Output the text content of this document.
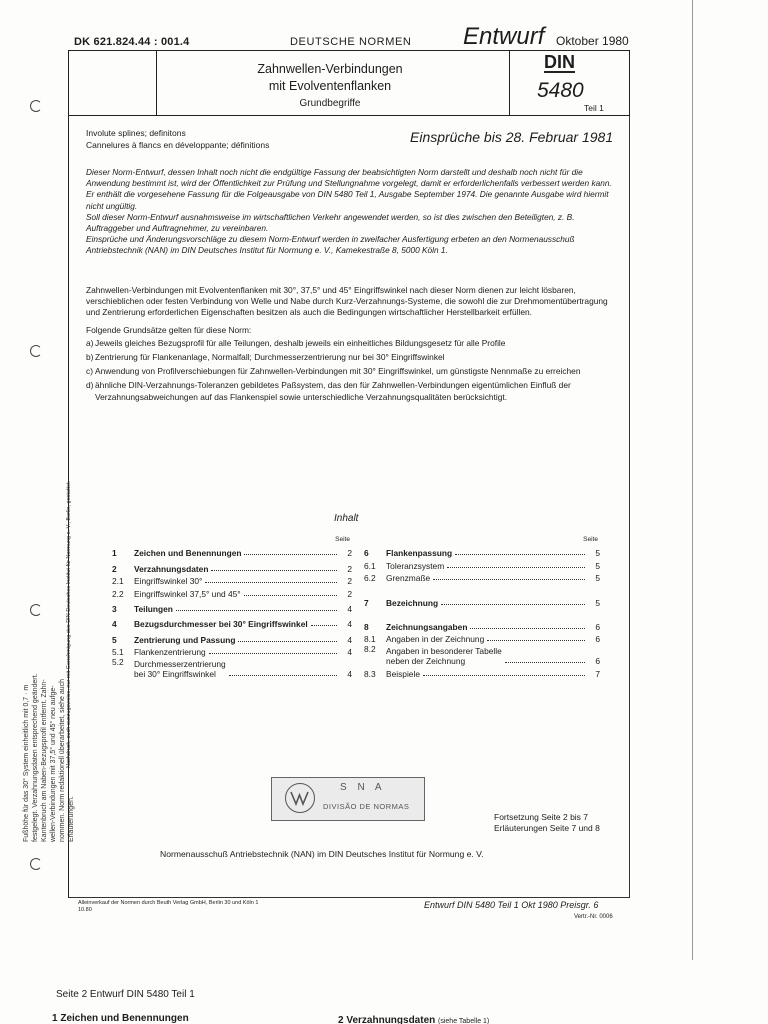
DK 621.824.44 : 001.4	DEUTSCHE NORMEN Entwurf Oktober 1980
Zahnwellen-Verbindungen
mit Evolventenflanken
Grundbegriffe
DIN
5480
Teil 1
Involute splines; definitons
Cannelures à flancs en développante; définitions	Einsprüche bis 28. Februar 1981

Dieser Norm-Entwurf, dessen Inhalt noch nicht die endgültige Fassung der beabsichtigten Norm darstellt und deshalb noch nicht für die Anwendung bestimmt ist, wird der Öffentlichkeit zur Prüfung und Stellungnahme vorgelegt, damit er erforderlichenfalls verbessert werden kann. Er enthält die vorgesehene Fassung für die Folgeausgabe von DIN 5480 Teil 1, Ausgabe September 1974. Die genannte Ausgabe wird hiermit nicht ungültig.

Soll dieser Norm-Entwurf ausnahmsweise im wirtschaftlichen Verkehr angewendet werden, so ist dies zwischen den Beteiligten, z. B. Auftraggeber und Auftragnehmer, zu vereinbaren.

Einsprüche und Änderungsvorschläge zu diesem Norm-Entwurf werden in zweifacher Ausfertigung erbeten an den Normenausschuß Antriebstechnik (NAN) im DIN Deutsches Institut für Normung e. V., Kamekestraße 8, 5000 Köln 1.

Zahnwellen-Verbindungen mit Evolventenflanken mit 30°, 37,5° und 45° Eingriffswinkel nach dieser Norm dienen zur leicht lösbaren, verschieblichen oder festen Verbindung von Welle und Nabe durch Kurz-Verzahnungs-Systeme, die sowohl die zur Drehmomentübertragung und Zentrierung erforderlichen Eigenschaften besitzen als auch die Bedingungen wirtschaftlicher Herstellbarkeit erfüllen.

Folgende Grundsätze gelten für diese Norm:

a) Jeweils gleiches Bezugsprofil für alle Teilungen, deshalb jeweils ein einheitliches Bildungsgesetz für alle Profile
b) Zentrierung für Flankenanlage, Normalfall; Durchmesserzentrierung nur bei 30° Eingriffswinkel
c) Anwendung von Profilverschiebungen für Zahnwellen-Verbindungen mit 30° Eingriffswinkel, um günstigste Nennmaße zu erreichen
d) ähnliche DIN-Verzahnungs-Toleranzen gebildetes Paßsystem, das den für Zahnwellen-Verbindungen eigentümlichen Einfluß der Verzahnungsabweichungen auf das Flankenspiel sowie unterschiedliche Verzahnungsqualitäten berücksichtigt.
Inhalt
Seite
1	Zeichen und Benennungen	2
2	Verzahnungsdaten	2
2.1	Eingriffswinkel 30°	2
2.2	Eingriffswinkel 37,5° und 45°	2
3	Teilungen	4
4	Bezugsdurchmesser bei 30° Eingriffswinkel	4
5	Zentrierung und Passung	4
5.1	Flankenzentrierung	4
5.2	Durchmesserzentrierung
bei 30° Eingriffswinkel	4
Seite
6	Flankenpassung	5
6.1	Toleranzsystem	5
6.2	Grenzmaße	5
7	Bezeichnung	5
8	Zeichnungsangaben	6
8.1	Angaben in der Zeichnung	6
8.2	Angaben in besonderer Tabelle
neben der Zeichnung	6
8.3	Beispiele	7
S N A
DIVISÃO DE NORMAS
Fortsetzung Seite 2 bis 7
Erläuterungen Seite 7 und 8
Normenausschuß Antriebstechnik (NAN) im DIN Deutsches Institut für Normung e. V.
Alleinverkauf der Normen durch Beuth Verlag GmbH, Berlin 30 und Köln 1
10.80	Entwurf DIN 5480 Teil 1 Okt 1980 Preisgr. 6
Vertr.-Nr. 0006
Nachdruck, auch auszugsweise, nur mit Genehmigung des DIN Deutsches Institut für Normung e. V., Berlin, gestattet.
Fußhöhe für das 30° System einheitlich mit 0,7 · m festgelegt. Verzahnungsdaten entsprechend geändert. Kantenbruch am Naben-Bezugsprofil entfernt. Zahn- wellen-Verbindungen mit 37,5° und 45° neu aufge- nommen. Norm redaktionell überarbeitet, siehe auch Erläuterungen.
Seite 2 Entwurf DIN 5480 Teil 1
1 Zeichen und Benennungen	2 Verzahnungsdaten (siehe Tabelle 1)
